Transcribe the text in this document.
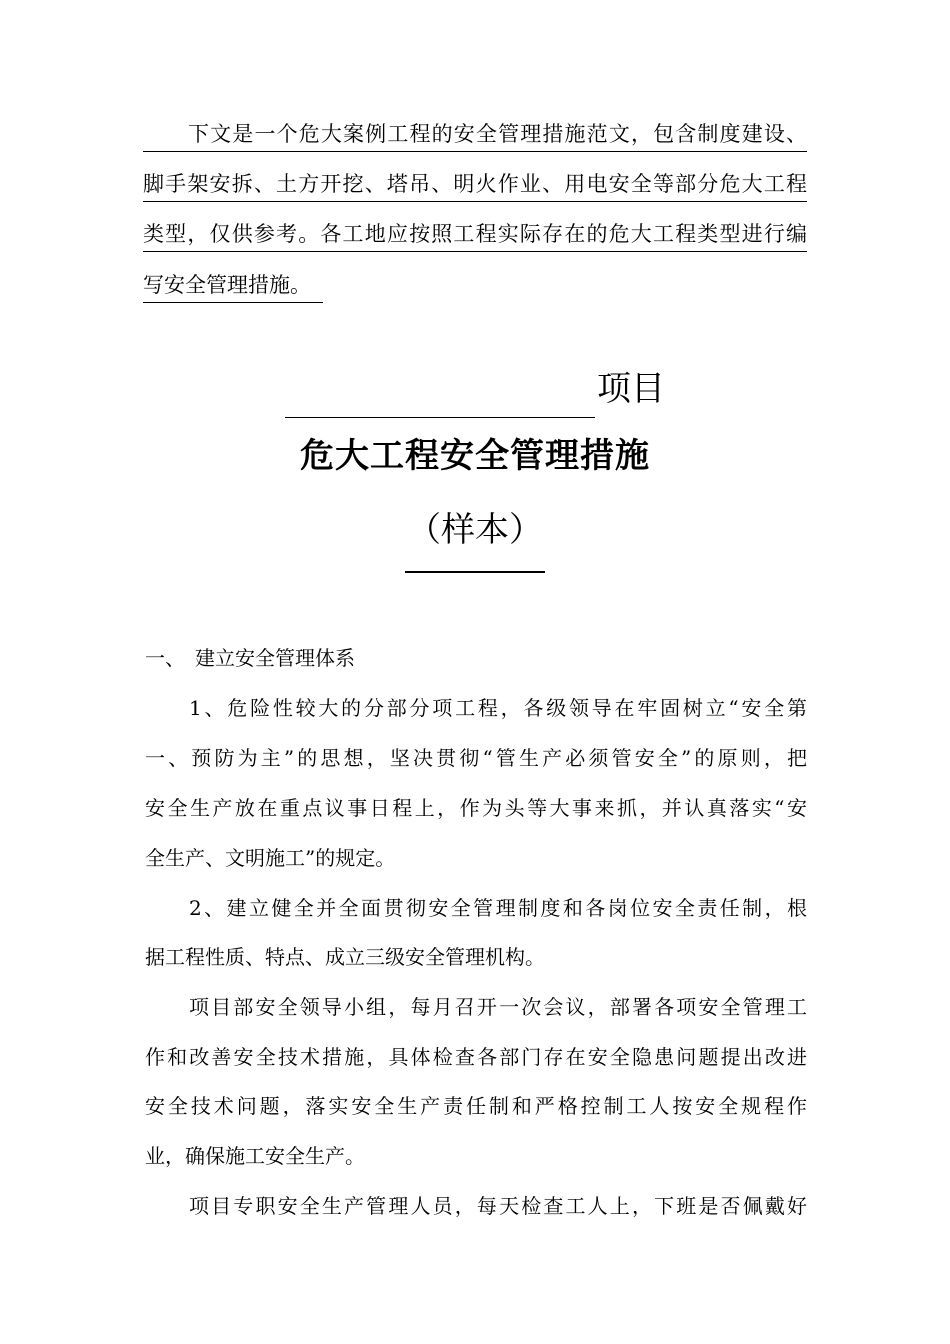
下文是一个危大案例工程的安全管理措施范文，包含制度建设、
脚手架安拆、土方开挖、塔吊、明火作业、用电安全等部分危大工程
类型，仅供参考。各工地应按照工程实际存在的危大工程类型进行编
写安全管理措施。
项目
危大工程安全管理措施
（样本）
一、　建立安全管理体系
1、危险性较大的分部分项工程，各级领导在牢固树立“安全第
一、预防为主”的思想，坚决贯彻“管生产必须管安全”的原则，把
安全生产放在重点议事日程上，作为头等大事来抓，并认真落实“安
全生产、文明施工”的规定。
2、建立健全并全面贯彻安全管理制度和各岗位安全责任制，根
据工程性质、特点、成立三级安全管理机构。
项目部安全领导小组，每月召开一次会议，部署各项安全管理工
作和改善安全技术措施，具体检查各部门存在安全隐患问题提出改进
安全技术问题，落实安全生产责任制和严格控制工人按安全规程作
业，确保施工安全生产。
项目专职安全生产管理人员，每天检查工人上，下班是否佩戴好
